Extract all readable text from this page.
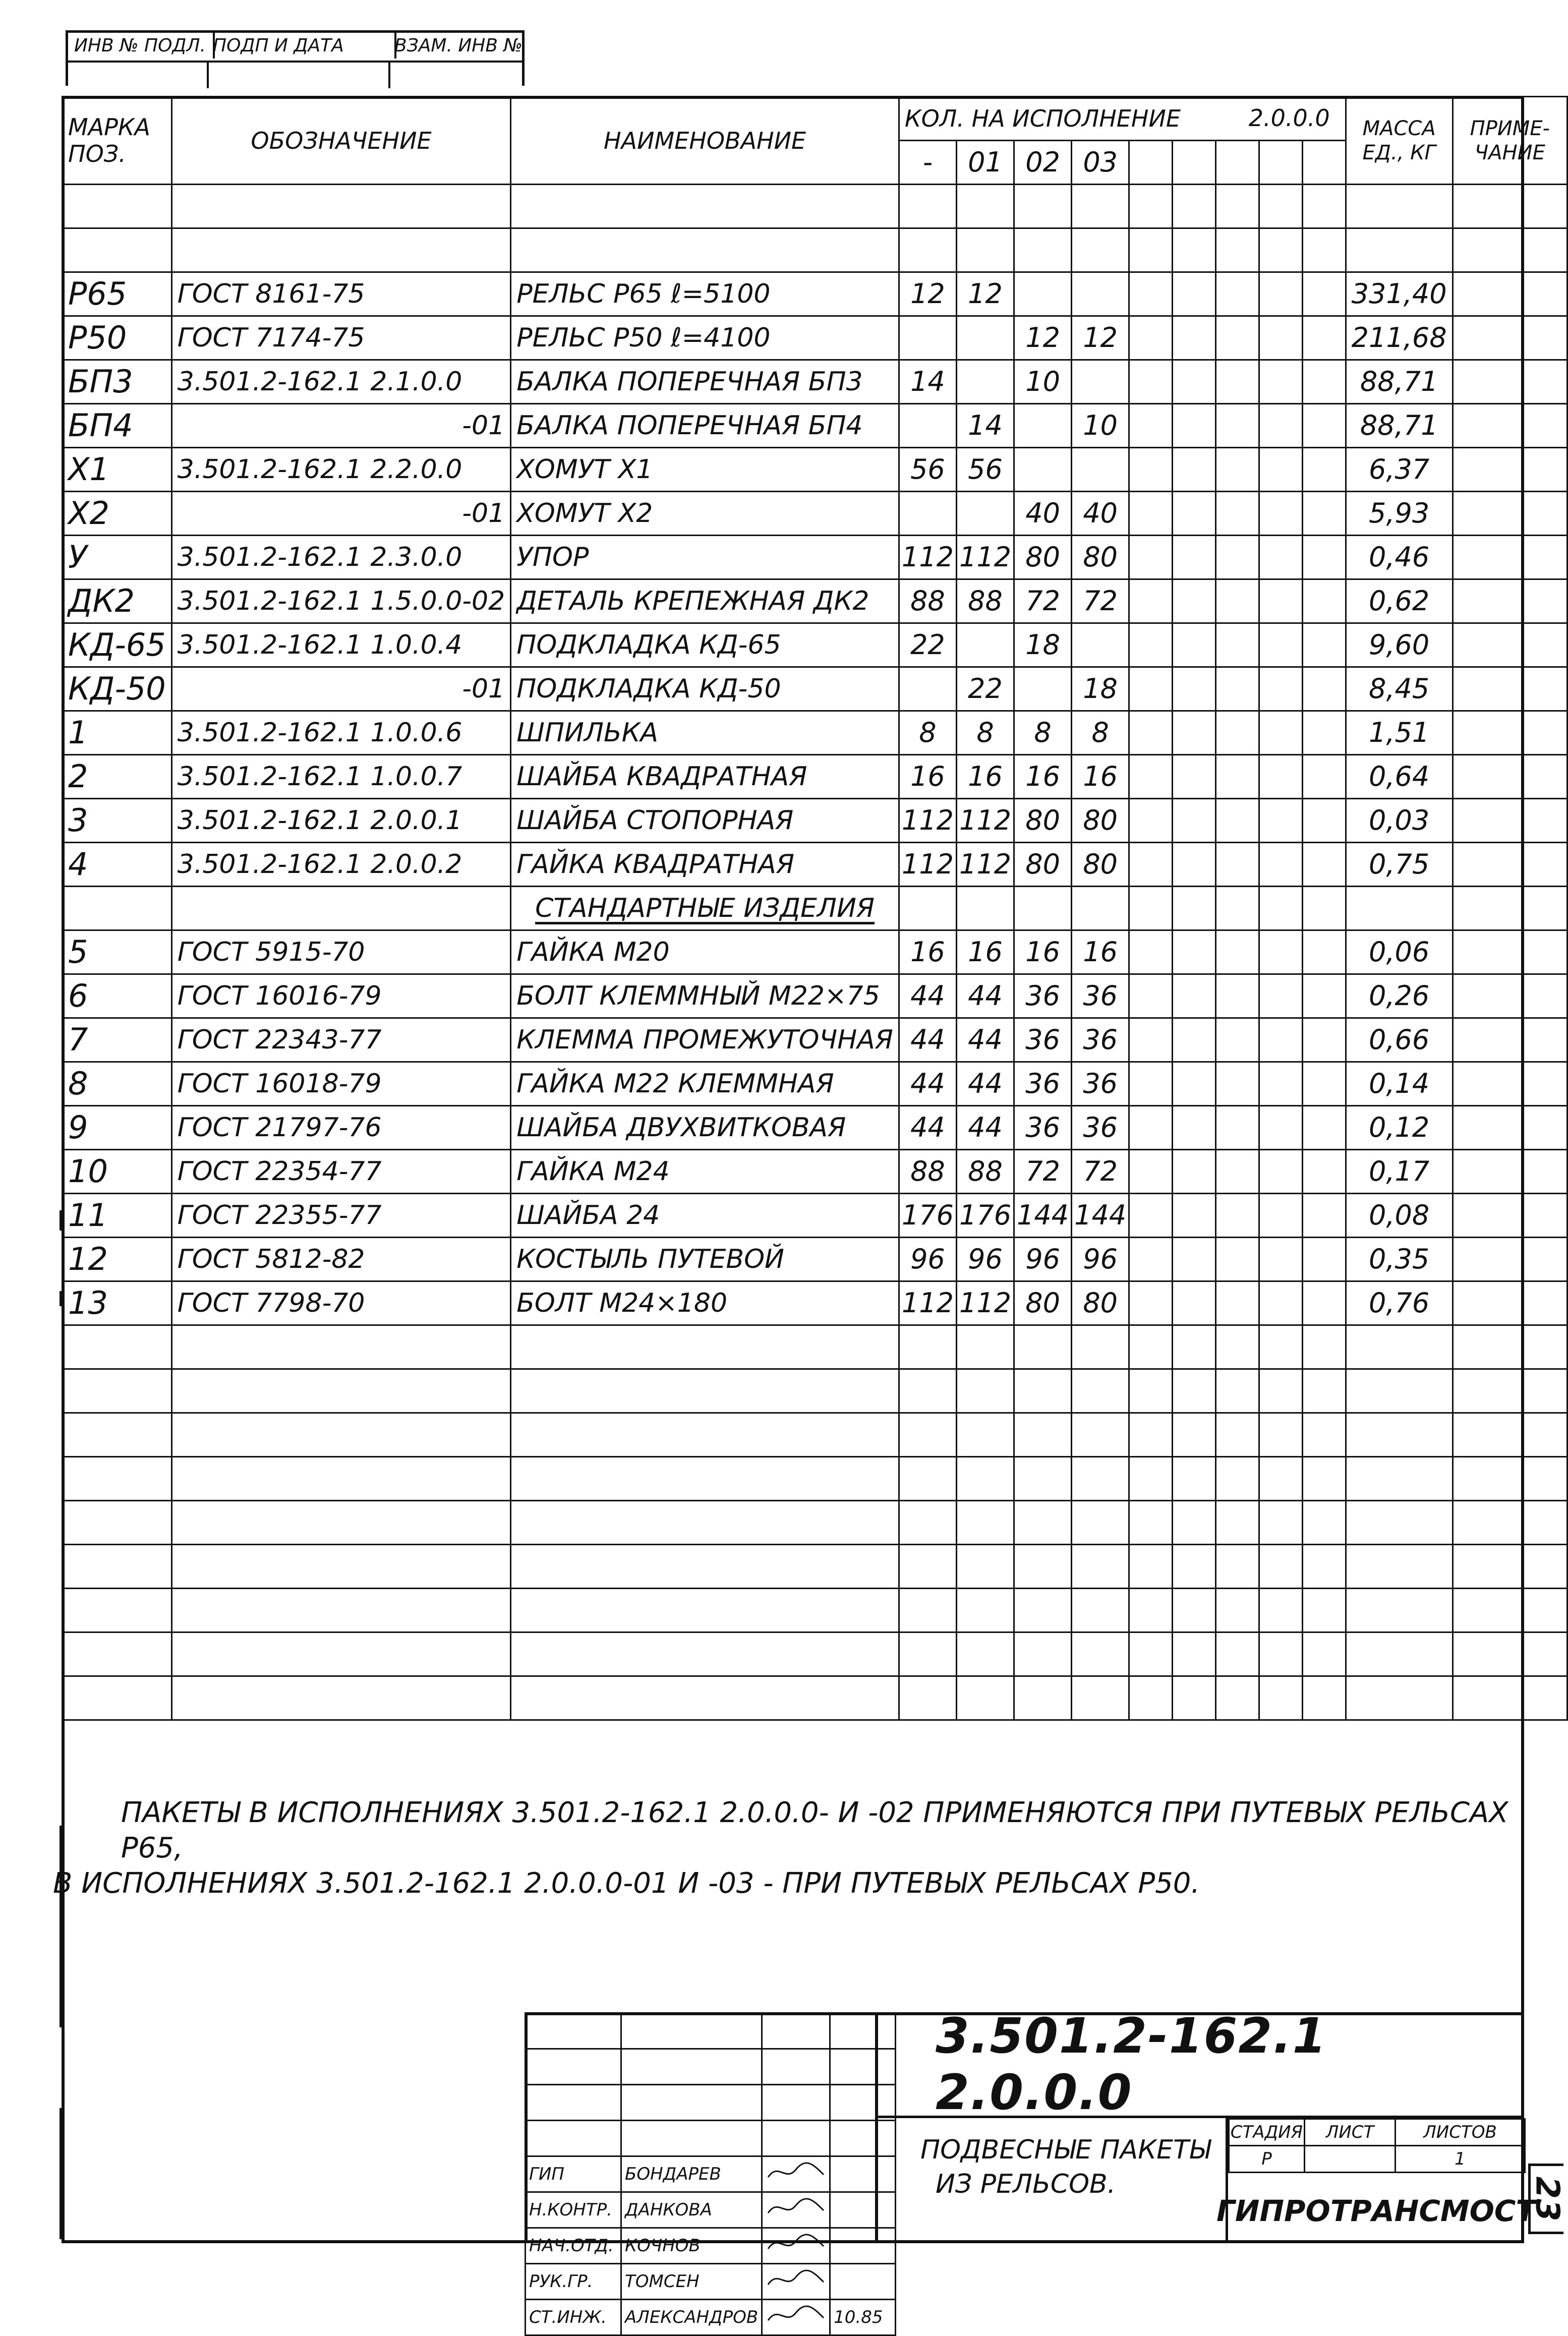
ИНВ № ПОДЛ. ПОДП И ДАТА	ВЗАМ. ИНВ №
МАРКА
ПОЗ.	ОБОЗНАЧЕНИЕ	НАИМЕНОВАНИЕ	КОЛ. НА ИСПОЛНЕНИЕ 2.0.0.0									МАССА ЕД., КГ	ПРИМЕ- ЧАНИЕ
			-	01	02	03							

Р65	ГОСТ 8161-75	РЕЛЬС Р65 ℓ=5100	12	12								331,40	
Р50	ГОСТ 7174-75	РЕЛЬС Р50 ℓ=4100			12	12						211,68	
БП3	3.501.2-162.1 2.1.0.0	БАЛКА ПОПЕРЕЧНАЯ БП3	14		10							88,71	
БП4	-01	БАЛКА ПОПЕРЕЧНАЯ БП4		14		10						88,71	
Х1	3.501.2-162.1 2.2.0.0	ХОМУТ Х1	56	56								6,37	
Х2	-01	ХОМУТ Х2			40	40						5,93	
У	3.501.2-162.1 2.3.0.0	УПОР	112	112	80	80						0,46	
ДК2	3.501.2-162.1 1.5.0.0-02	ДЕТАЛЬ КРЕПЕЖНАЯ ДК2	88	88	72	72						0,62	
КД-65	3.501.2-162.1 1.0.0.4	ПОДКЛАДКА КД-65	22		18							9,60	
КД-50	-01	ПОДКЛАДКА КД-50		22		18						8,45	
1	3.501.2-162.1 1.0.0.6	ШПИЛЬКА	8	8	8	8						1,51	
2	3.501.2-162.1 1.0.0.7	ШАЙБА КВАДРАТНАЯ	16	16	16	16						0,64	
3	3.501.2-162.1 2.0.0.1	ШАЙБА СТОПОРНАЯ	112	112	80	80						0,03	
4	3.501.2-162.1 2.0.0.2	ГАЙКА КВАДРАТНАЯ	112	112	80	80						0,75	
		СТАНДАРТНЫЕ ИЗДЕЛИЯ											
5	ГОСТ 5915-70	ГАЙКА М20	16	16	16	16						0,06	
6	ГОСТ 16016-79	БОЛТ КЛЕММНЫЙ М22×75	44	44	36	36						0,26	
7	ГОСТ 22343-77	КЛЕММА ПРОМЕЖУТОЧНАЯ	44	44	36	36						0,66	
8	ГОСТ 16018-79	ГАЙКА М22 КЛЕММНАЯ	44	44	36	36						0,14	
9	ГОСТ 21797-76	ШАЙБА ДВУХВИТКОВАЯ	44	44	36	36						0,12	
10	ГОСТ 22354-77	ГАЙКА М24	88	88	72	72						0,17	
11	ГОСТ 22355-77	ШАЙБА 24	176	176	144	144						0,08	
12	ГОСТ 5812-82	КОСТЫЛЬ ПУТЕВОЙ	96	96	96	96						0,35	
13	ГОСТ 7798-70	БОЛТ М24×180	112	112	80	80						0,76	

ПАКЕТЫ В ИСПОЛНЕНИЯХ 3.501.2-162.1 2.0.0.0- И -02 ПРИМЕНЯЮТСЯ ПРИ ПУТЕВЫХ РЕЛЬСАХ Р65,
В ИСПОЛНЕНИЯХ 3.501.2-162.1 2.0.0.0-01 И -03 - ПРИ ПУТЕВЫХ РЕЛЬСАХ Р50.

ГИП	БОНДАРЕВ		
Н.КОНТР.	ДАНКОВА		
НАЧ.ОТД.	КОЧНОВ		
РУК.ГР.	ТОМСЕН		
СТ.ИНЖ.	АЛЕКСАНДРОВ		10.85
3.501.2-162.1 2.0.0.0
ПОДВЕСНЫЕ ПАКЕТЫ
ИЗ РЕЛЬСОВ.
СТАДИЯ	ЛИСТ	ЛИСТОВ
Р		1
ГИПРОТРАНСМОСТ
23
